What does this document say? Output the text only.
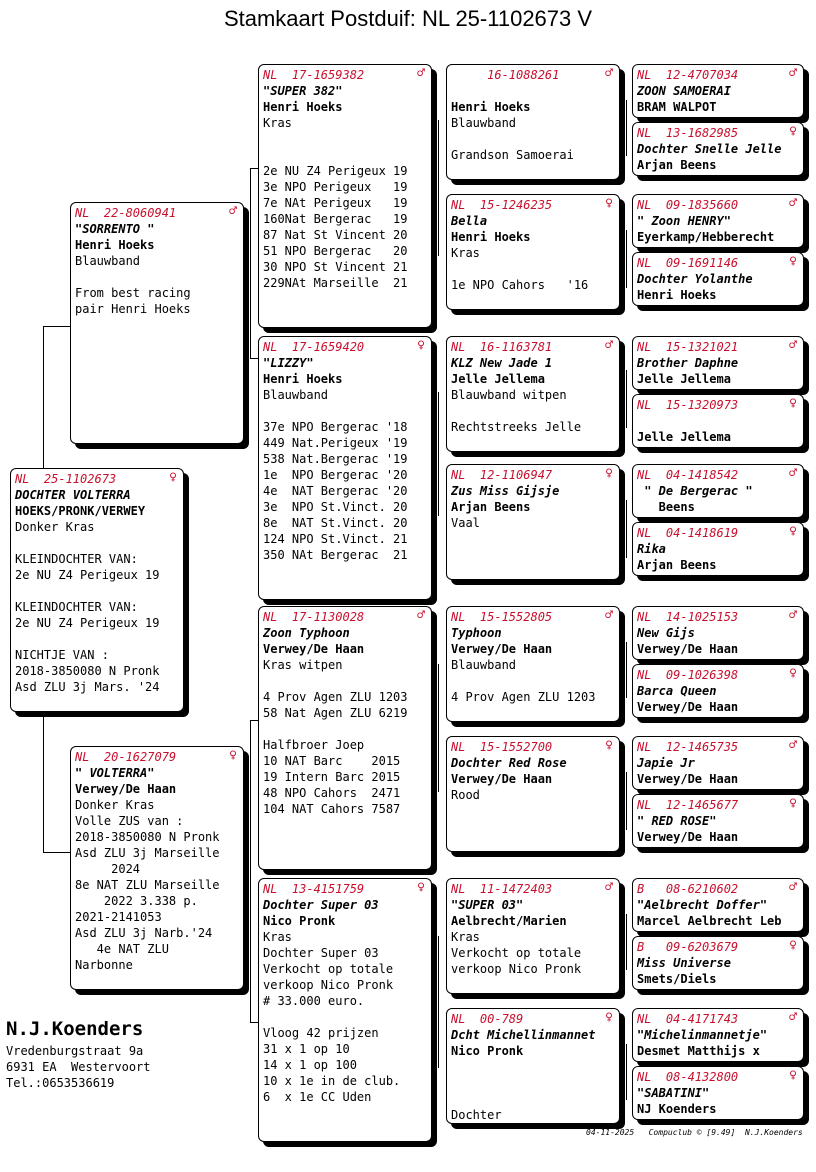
Stamkaart Postduif: NL 25-1102673 V
♀
NL  25-1102673
DOCHTER VOLTERRA
HOEKS/PRONK/VERWEY
Donker Kras
KLEINDOCHTER VAN:
2e NU Z4 Perigeux 19
KLEINDOCHTER VAN:
2e NU Z4 Perigeux 19
NICHTJE VAN :
2018-3850080 N Pronk
Asd ZLU 3j Mars. '24
♂
NL  22-8060941
"SORRENTO "
Henri Hoeks
Blauwband
From best racing
pair Henri Hoeks
♀
NL  20-1627079
" VOLTERRA"
Verwey/De Haan
Donker Kras
Volle ZUS van :
2018-3850080 N Pronk
Asd ZLU 3j Marseille
2024
8e NAT ZLU Marseille
2022 3.338 p.
2021-2141053
Asd ZLU 3j Narb.'24
4e NAT ZLU
Narbonne
♂
NL  17-1659382
"SUPER 382"
Henri Hoeks
Kras
2e NU Z4 Perigeux 19
3e NPO Perigeux   19
7e NAt Perigeux   19
160Nat Bergerac   19
87 Nat St Vincent 20
51 NPO Bergerac   20
30 NPO St Vincent 21
229NAt Marseille  21
♀
NL  17-1659420
"LIZZY"
Henri Hoeks
Blauwband
37e NPO Bergerac '18
449 Nat.Perigeux '19
538 Nat.Bergerac '19
1e  NPO Bergerac '20
4e  NAT Bergerac '20
3e  NPO St.Vinct. 20
8e  NAT St.Vinct. 20
124 NPO St.Vinct. 21
350 NAt Bergerac  21
♂
NL  17-1130028
Zoon Typhoon
Verwey/De Haan
Kras witpen
4 Prov Agen ZLU 1203
58 Nat Agen ZLU 6219
Halfbroer Joep
10 NAT Barc    2015
19 Intern Barc 2015
48 NPO Cahors  2471
104 NAT Cahors 7587
♀
NL  13-4151759
Dochter Super 03
Nico Pronk
Kras
Dochter Super 03
Verkocht op totale
verkoop Nico Pronk
# 33.000 euro.
Vloog 42 prijzen
31 x 1 op 10
14 x 1 op 100
10 x 1e in de club.
6  x 1e CC Uden
♂
16-1088261
Henri Hoeks
Blauwband
Grandson Samoerai
♀
NL  15-1246235
Bella
Henri Hoeks
Kras
1e NPO Cahors   '16
♂
NL  16-1163781
KLZ New Jade 1
Jelle Jellema
Blauwband witpen
Rechtstreeks Jelle
♀
NL  12-1106947
Zus Miss Gijsje
Arjan Beens
Vaal
♂
NL  15-1552805
Typhoon
Verwey/De Haan
Blauwband
4 Prov Agen ZLU 1203
♀
NL  15-1552700
Dochter Red Rose
Verwey/De Haan
Rood
♂
NL  11-1472403
"SUPER 03"
Aelbrecht/Marien
Kras
Verkocht op totale
verkoop Nico Pronk
♀
NL  00-789
Dcht Michellinmannet
Nico Pronk
Dochter
♂
NL  12-4707034
ZOON SAMOERAI
BRAM WALPOT
♀
NL  13-1682985
Dochter Snelle Jelle
Arjan Beens
♂
NL  09-1835660
" Zoon HENRY"
Eyerkamp/Hebberecht
♀
NL  09-1691146
Dochter Yolanthe
Henri Hoeks
♂
NL  15-1321021
Brother Daphne
Jelle Jellema
♀
NL  15-1320973
Jelle Jellema
♂
NL  04-1418542
" De Bergerac "
Beens
♀
NL  04-1418619
Rika
Arjan Beens
♂
NL  14-1025153
New Gijs
Verwey/De Haan
♀
NL  09-1026398
Barca Queen
Verwey/De Haan
♂
NL  12-1465735
Japie Jr
Verwey/De Haan
♀
NL  12-1465677
" RED ROSE"
Verwey/De Haan
♂
B   08-6210602
"Aelbrecht Doffer"
Marcel Aelbrecht Leb
♀
B   09-6203679
Miss Universe
Smets/Diels
♂
NL  04-4171743
"Michelinmannetje"
Desmet Matthijs x
♀
NL  08-4132800
"SABATINI"
NJ Koenders
N.J.Koenders
Vredenburgstraat 9a
6931 EA  Westervoort
Tel.:0653536619
04-11-2025   Compuclub © [9.49]  N.J.Koenders
